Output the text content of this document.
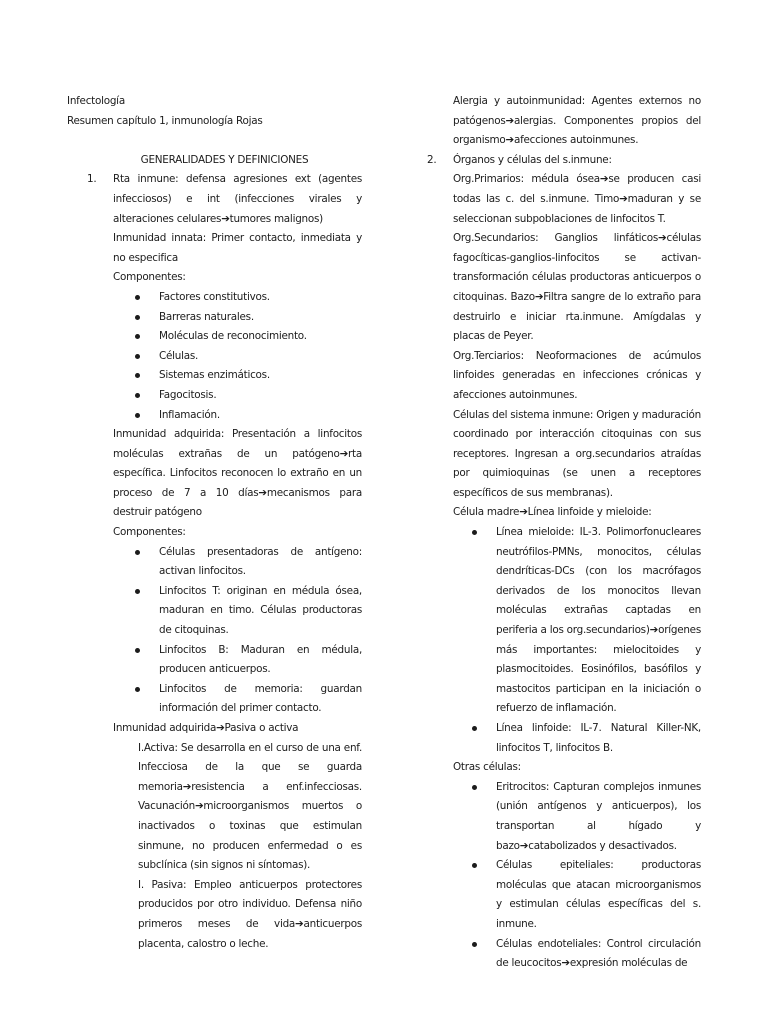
Infectología

Resumen capítulo 1, inmunología Rojas

GENERALIDADES Y DEFINICIONES

1. Rta inmune: defensa agresiones ext (agentes infecciosos) e int (infecciones virales y alteraciones celulares➔tumores malignos)

Inmunidad innata: Primer contacto, inmediata y no especifica

Componentes:

Factores constitutivos.
Barreras naturales.
Moléculas de reconocimiento.
Células.
Sistemas enzimáticos.
Fagocitosis.
Inflamación.

Inmunidad adquirida: Presentación a linfocitos moléculas extrañas de un patógeno➔rta específica. Linfocitos reconocen lo extraño en un proceso de 7 a 10 días➔mecanismos para destruir patógeno

Componentes:

Células presentadoras de antígeno: activan linfocitos.
Linfocitos T: originan en médula ósea, maduran en timo. Células productoras de citoquinas.
Linfocitos B: Maduran en médula, producen anticuerpos.
Linfocitos de memoria: guardan información del primer contacto.

Inmunidad adquirida➔Pasiva o activa

I.Activa: Se desarrolla en el curso de una enf. Infecciosa de la que se guarda memoria➔resistencia a enf.infecciosas. Vacunación➔microorganismos muertos o inactivados o toxinas que estimulan sinmune, no producen enfermedad o es subclínica (sin signos ni síntomas).

I. Pasiva: Empleo anticuerpos protectores producidos por otro individuo. Defensa niño primeros meses de vida➔anticuerpos placenta, calostro o leche.

Alergia y autoinmunidad: Agentes externos no patógenos➔alergias. Componentes propios del organismo➔afecciones autoinmunes.

2. Órganos y células del s.inmune:

Org.Primarios: médula ósea➔se producen casi todas las c. del s.inmune. Timo➔maduran y se seleccionan subpoblaciones de linfocitos T.

Org.Secundarios: Ganglios linfáticos➔células fagocíticas-ganglios-linfocitos se activan-transformación células productoras anticuerpos o citoquinas. Bazo➔Filtra sangre de lo extraño para destruirlo e iniciar rta.inmune. Amígdalas y placas de Peyer.

Org.Terciarios: Neoformaciones de acúmulos linfoides generadas en infecciones crónicas y afecciones autoinmunes.

Células del sistema inmune: Origen y maduración coordinado por interacción citoquinas con sus receptores. Ingresan a org.secundarios atraídas por quimioquinas (se unen a receptores específicos de sus membranas).

Célula madre➔Línea linfoide y mieloide:

Línea mieloide: IL-3. Polimorfonucleares neutrófilos-PMNs, monocitos, células dendríticas-DCs (con los macrófagos derivados de los monocitos llevan moléculas extrañas captadas en periferia a los org.secundarios)➔orígenes más importantes: mielocitoides y plasmocitoides. Eosinófilos, basófilos y mastocitos participan en la iniciación o refuerzo de inflamación.
Línea linfoide: IL-7. Natural Killer-NK, linfocitos T, linfocitos B.

Otras células:

Eritrocitos: Capturan complejos inmunes (unión antígenos y anticuerpos), los transportan al hígado y bazo➔catabolizados y desactivados.
Células epiteliales: productoras moléculas que atacan microorganismos y estimulan células específicas del s. inmune.
Células endoteliales: Control circulación de leucocitos➔expresión moléculas de
